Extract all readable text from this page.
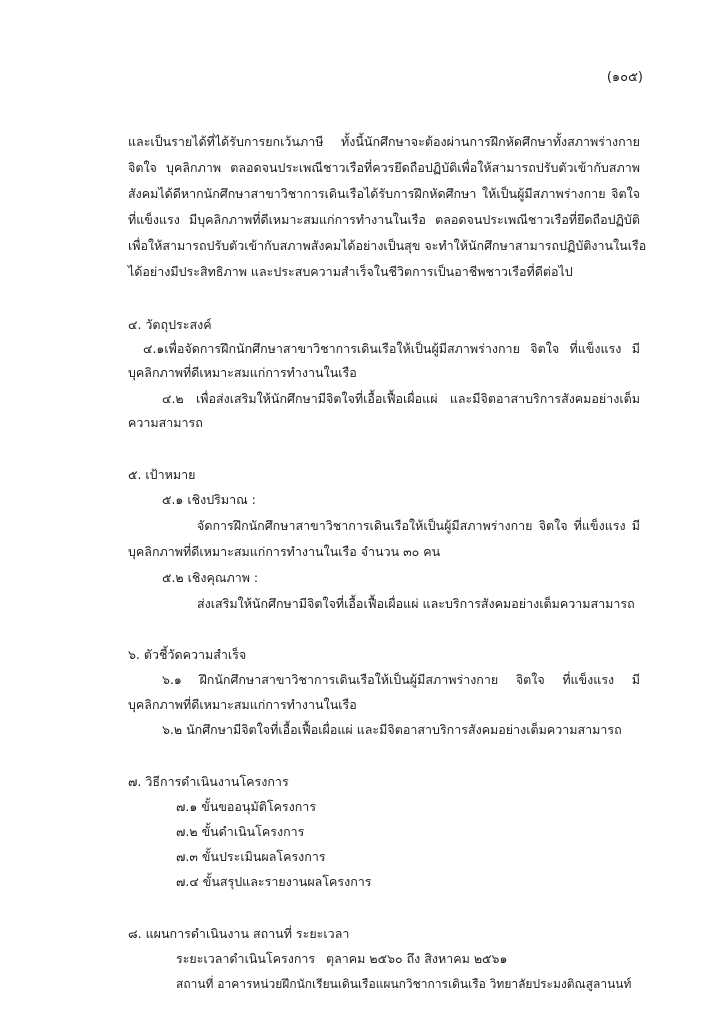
(๑๐๕)
และเป็นรายได้ที่ได้รับการยกเว้นภาษี ทั้งนี้นักศึกษาจะต้องผ่านการฝึกหัดศึกษาทั้งสภาพร่างกาย
จิตใจ บุคลิกภาพ ตลอดจนประเพณีชาวเรือที่ควรยึดถือปฏิบัติเพื่อให้สามารถปรับตัวเข้ากับสภาพ
สังคมได้ดีหากนักศึกษาสาขาวิชาการเดินเรือได้รับการฝึกหัดศึกษา ให้เป็นผู้มีสภาพร่างกาย จิตใจ
ที่แข็งแรง มีบุคลิกภาพที่ดีเหมาะสมแก่การทำงานในเรือ ตลอดจนประเพณีชาวเรือที่ยึดถือปฏิบัติ
เพื่อให้สามารถปรับตัวเข้ากับสภาพสังคมได้อย่างเป็นสุข จะทำให้นักศึกษาสามารถปฏิบัติงานในเรือ
ได้อย่างมีประสิทธิภาพ และประสบความสำเร็จในชีวิตการเป็นอาชีพชาวเรือที่ดีต่อไป
๔. วัตถุประสงค์
๔.๑เพื่อจัดการฝึกนักศึกษาสาขาวิชาการเดินเรือให้เป็นผู้มีสภาพร่างกาย จิตใจ ที่แข็งแรง มี
บุคลิกภาพที่ดีเหมาะสมแก่การทำงานในเรือ
๔.๒ เพื่อส่งเสริมให้นักศึกษามีจิตใจที่เอื้อเฟื้อเผื่อแผ่ และมีจิตอาสาบริการสังคมอย่างเต็ม
ความสามารถ
๕. เป้าหมาย
๕.๑ เชิงปริมาณ :
จัดการฝึกนักศึกษาสาขาวิชาการเดินเรือให้เป็นผู้มีสภาพร่างกาย จิตใจ ที่แข็งแรง มี
บุคลิกภาพที่ดีเหมาะสมแก่การทำงานในเรือ จำนวน ๓๐ คน
๕.๒ เชิงคุณภาพ :
ส่งเสริมให้นักศึกษามีจิตใจที่เอื้อเฟื้อเผื่อแผ่ และบริการสังคมอย่างเต็มความสามารถ
๖. ตัวชี้วัดความสำเร็จ
๖.๑ ฝึกนักศึกษาสาขาวิชาการเดินเรือให้เป็นผู้มีสภาพร่างกาย จิตใจ ที่แข็งแรง มี
บุคลิกภาพที่ดีเหมาะสมแก่การทำงานในเรือ
๖.๒ นักศึกษามีจิตใจที่เอื้อเฟื้อเผื่อแผ่ และมีจิตอาสาบริการสังคมอย่างเต็มความสามารถ
๗. วิธีการดำเนินงานโครงการ
๗.๑ ขั้นขออนุมัติโครงการ
๗.๒ ขั้นดำเนินโครงการ
๗.๓ ขั้นประเมินผลโครงการ
๗.๔ ขั้นสรุปและรายงานผลโครงการ
๘. แผนการดำเนินงาน สถานที่ ระยะเวลา
ระยะเวลาดำเนินโครงการ ตุลาคม ๒๕๖๐ ถึง สิงหาคม ๒๕๖๑
สถานที่ อาคารหน่วยฝึกนักเรียนเดินเรือแผนกวิชาการเดินเรือ วิทยาลัยประมงติณสูลานนท์
